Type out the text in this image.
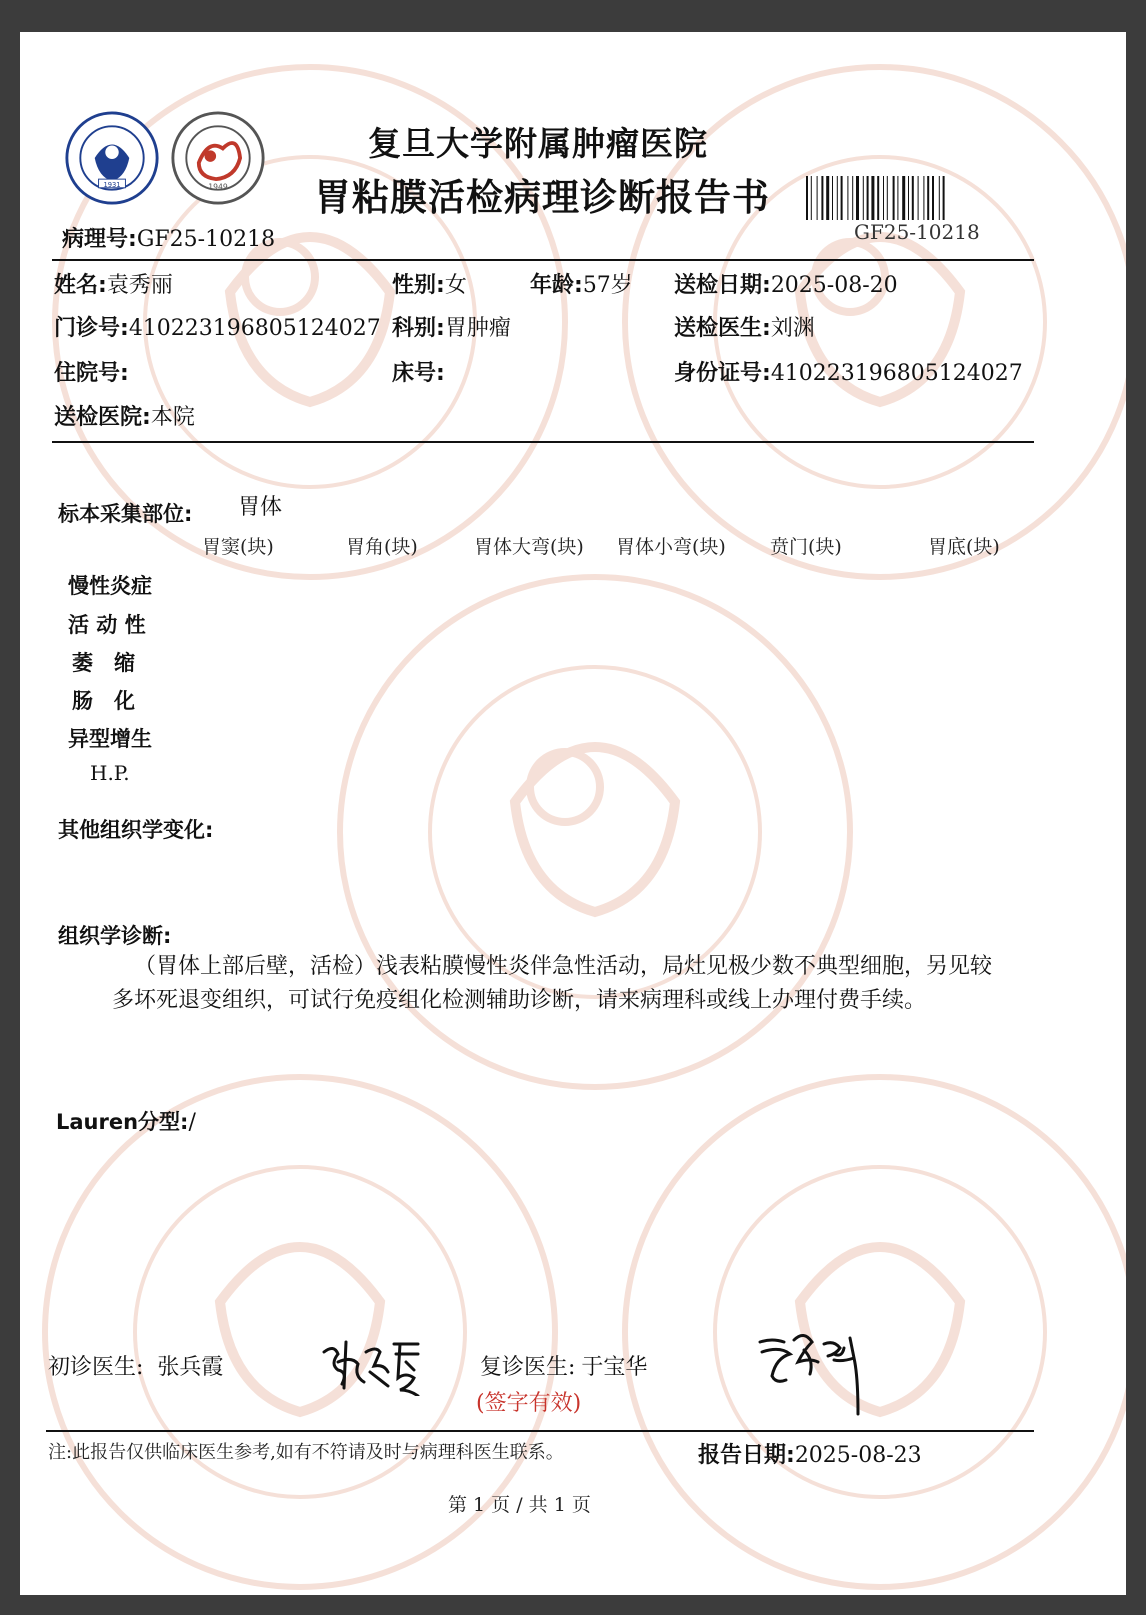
1931	1949
复旦大学附属肿瘤医院
胃粘膜活检病理诊断报告书
GF25-10218
病理号:GF25-10218
姓名:袁秀丽	性别:女	年龄:57岁 送检日期:2025-08-20
门诊号:410223196805124027 科别:胃肿瘤	送检医生:刘渊
住院号:	床号:	身份证号:410223196805124027
送检医院:本院
标本采集部位: 胃体
胃窦(块)	胃角(块)	胃体大弯(块) 胃体小弯(块) 贲门(块)	胃底(块)
慢性炎症
活 动 性
萎　缩
肠　化
异型增生
H.P.
其他组织学变化:
组织学诊断:
（胃体上部后壁，活检）浅表粘膜慢性炎伴急性活动，局灶见极少数不典型细胞，另见较多坏死退变组织，可试行免疫组化检测辅助诊断，请来病理科或线上办理付费手续。
Lauren分型:/
初诊医生: 张兵霞	复诊医生: 于宝华
(签字有效)
注:此报告仅供临床医生参考,如有不符请及时与病理科医生联系。	报告日期:2025-08-23
第 1 页 / 共 1 页
